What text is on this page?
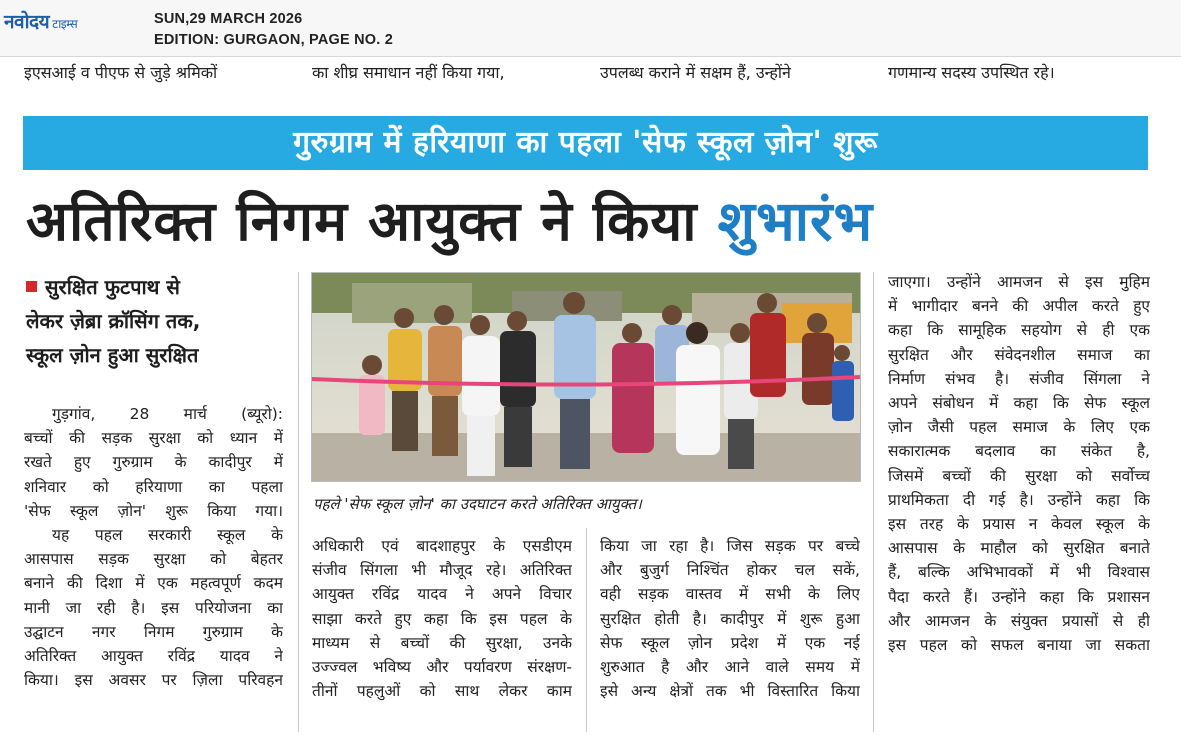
नवोदय टाइम्स	SUN,29 MARCH 2026
EDITION: GURGAON, PAGE NO. 2
इएसआई व पीएफ से जुड़े श्रमिकों	का शीघ्र समाधान नहीं किया गया,	उपलब्ध कराने में सक्षम हैं, उन्होंने	गणमान्य सदस्य उपस्थित रहे।
गुरुग्राम में हरियाणा का पहला 'सेफ स्कूल ज़ोन' शुरू
अतिरिक्त निगम आयुक्त ने किया शुभारंभ
सुरक्षित फुटपाथ से
लेकर ज़ेब्रा क्रॉसिंग तक,
स्कूल ज़ोन हुआ सुरक्षित
पहले 'सेफ स्कूल ज़ोन' का उदघाटन करते अतिरिक्त आयुक्त।
गुड़गांव, 28 मार्च (ब्यूरो):
बच्चों की सड़क सुरक्षा को ध्यान में
रखते हुए गुरुग्राम के कादीपुर में
शनिवार को हरियाणा का पहला
'सेफ स्कूल ज़ोन' शुरू किया गया।
यह पहल सरकारी स्कूल के
आसपास सड़क सुरक्षा को बेहतर
बनाने की दिशा में एक महत्वपूर्ण कदम
मानी जा रही है। इस परियोजना का
उद्घाटन नगर निगम गुरुग्राम के
अतिरिक्त आयुक्त रविंद्र यादव ने
किया। इस अवसर पर ज़िला परिवहन
अधिकारी एवं बादशाहपुर के एसडीएम
संजीव सिंगला भी मौजूद रहे। अतिरिक्त
आयुक्त रविंद्र यादव ने अपने विचार
साझा करते हुए कहा कि इस पहल के
माध्यम से बच्चों की सुरक्षा, उनके
उज्ज्वल भविष्य और पर्यावरण संरक्षण-
तीनों पहलुओं को साथ लेकर काम
किया जा रहा है। जिस सड़क पर बच्चे
और बुजुर्ग निश्चिंत होकर चल सकें,
वही सड़क वास्तव में सभी के लिए
सुरक्षित होती है। कादीपुर में शुरू हुआ
सेफ स्कूल ज़ोन प्रदेश में एक नई
शुरुआत है और आने वाले समय में
इसे अन्य क्षेत्रों तक भी विस्तारित किया
जाएगा। उन्होंने आमजन से इस मुहिम
में भागीदार बनने की अपील करते हुए
कहा कि सामूहिक सहयोग से ही एक
सुरक्षित और संवेदनशील समाज का
निर्माण संभव है। संजीव सिंगला ने
अपने संबोधन में कहा कि सेफ स्कूल
ज़ोन जैसी पहल समाज के लिए एक
सकारात्मक बदलाव का संकेत है,
जिसमें बच्चों की सुरक्षा को सर्वोच्च
प्राथमिकता दी गई है। उन्होंने कहा कि
इस तरह के प्रयास न केवल स्कूल के
आसपास के माहौल को सुरक्षित बनाते
हैं, बल्कि अभिभावकों में भी विश्वास
पैदा करते हैं। उन्होंने कहा कि प्रशासन
और आमजन के संयुक्त प्रयासों से ही
इस पहल को सफल बनाया जा सकता
